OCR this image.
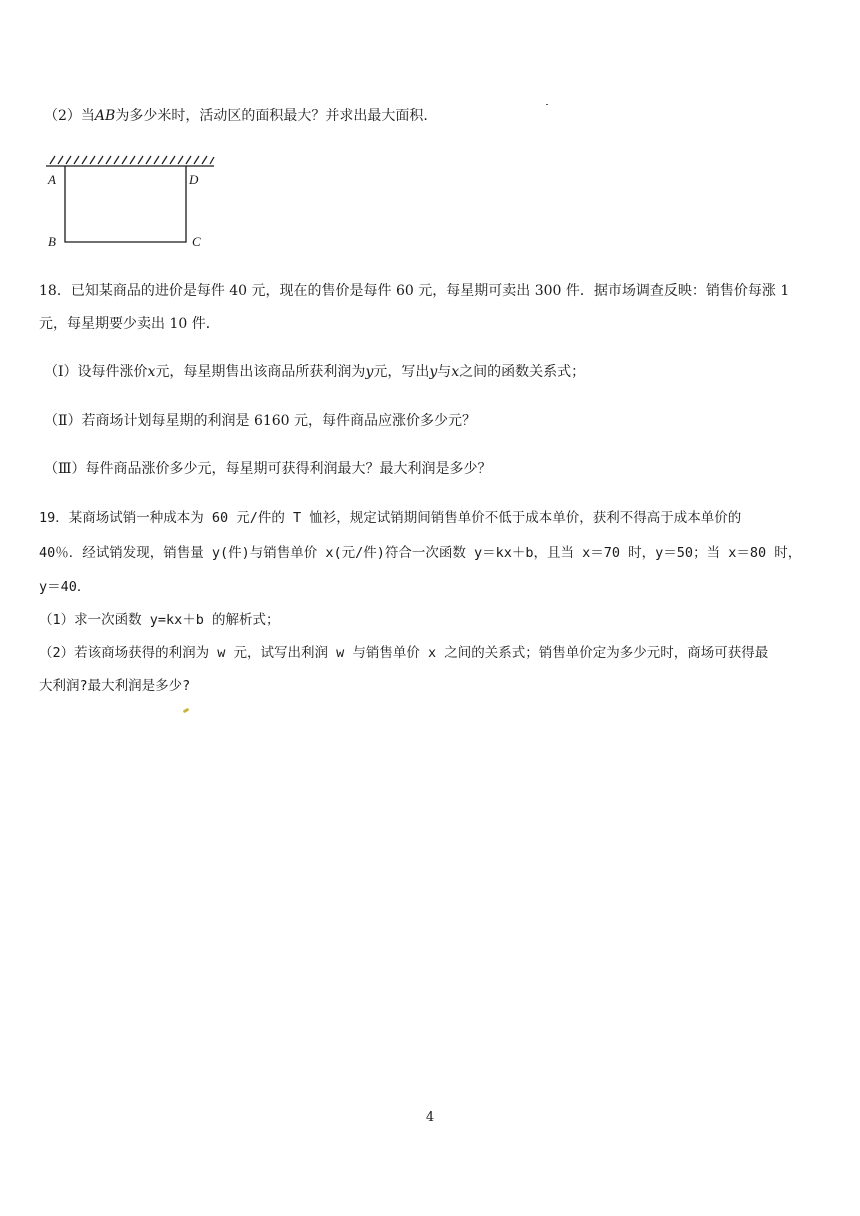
（2）当AB为多少米时，活动区的面积最大？并求出最大面积.
A	D
B	C
18．已知某商品的进价是每件 40 元，现在的售价是每件 60 元，每星期可卖出 300 件．据市场调查反映：销售价每涨 1
元，每星期要少卖出 10 件．
（Ⅰ）设每件涨价x元，每星期售出该商品所获利润为y元，写出y与x之间的函数关系式；
（Ⅱ）若商场计划每星期的利润是 6160 元，每件商品应涨价多少元？
（Ⅲ）每件商品涨价多少元，每星期可获得利润最大？最大利润是多少？
19．某商场试销一种成本为 60 元/件的 T 恤衫，规定试销期间销售单价不低于成本单价，获利不得高于成本单价的
40％．经试销发现，销售量 y(件)与销售单价 x(元/件)符合一次函数 y＝kx＋b，且当 x＝70 时，y＝50；当 x＝80 时，
y＝40．
（1）求一次函数 y=kx＋b 的解析式；
（2）若该商场获得的利润为 w 元，试写出利润 w 与销售单价 x 之间的关系式；销售单价定为多少元时，商场可获得最
大利润?最大利润是多少?
4
